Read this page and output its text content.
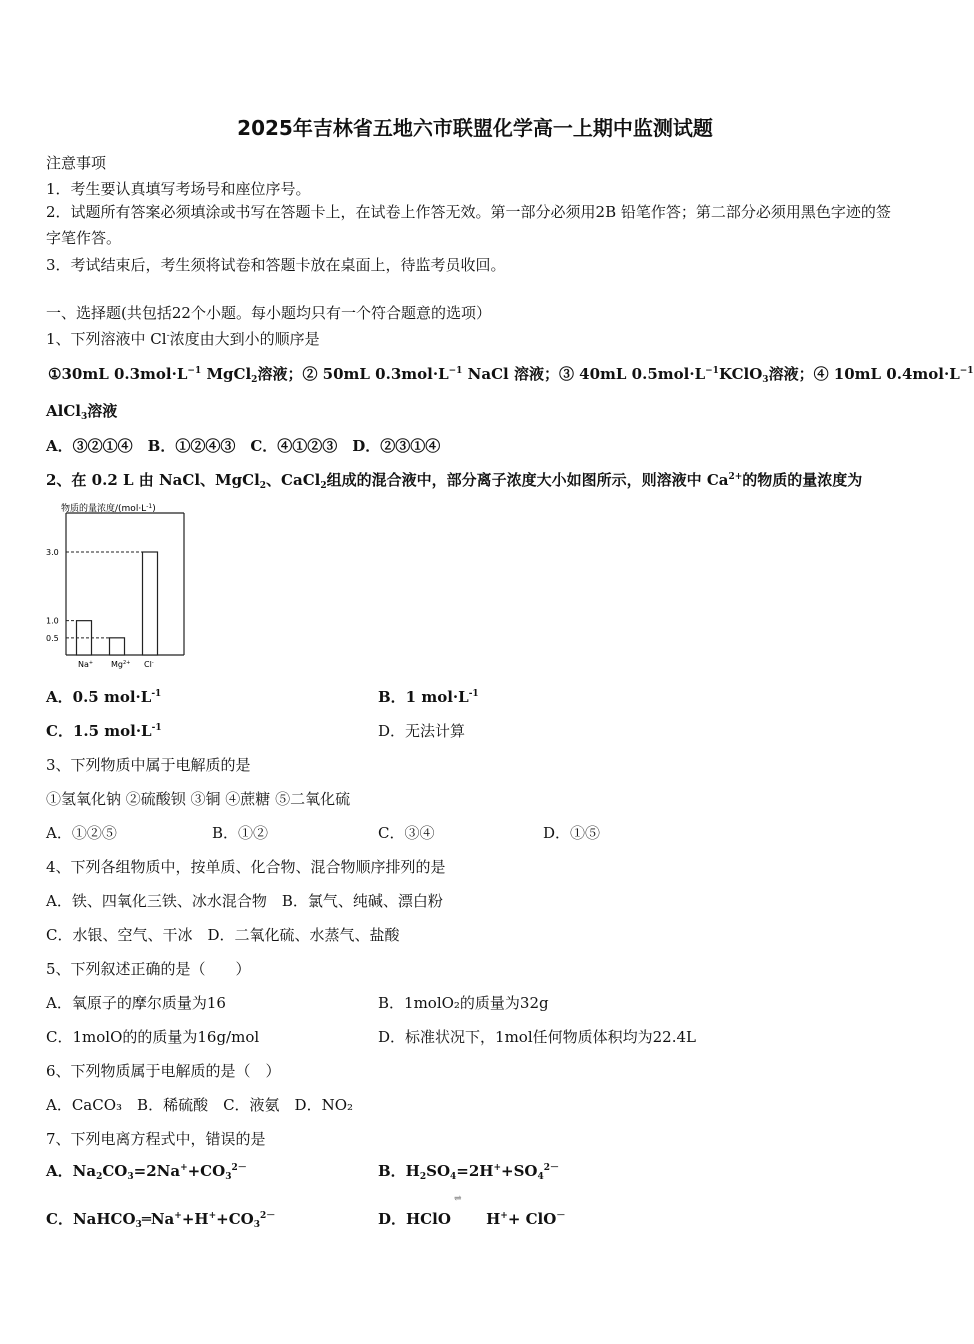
2025年吉林省五地六市联盟化学高一上期中监测试题
注意事项
1．考生要认真填写考场号和座位序号。
2．试题所有答案必须填涂或书写在答题卡上，在试卷上作答无效。第一部分必须用2B 铅笔作答；第二部分必须用黑色字迹的签字笔作答。
3．考试结束后，考生须将试卷和答题卡放在桌面上，待监考员收回。
一、选择题(共包括22个小题。每小题均只有一个符合题意的选项）
1、下列溶液中 Cl-浓度由大到小的顺序是
①30mL $0.3mol\cdot L^{-1}$ MgCl$_2$溶液；② 50mL $0.3mol\cdot L^{-1}$ NaCl 溶液；③ 40mL $0.5mol\cdot L^{-1}KClO_3$溶液；④ 10mL $0.4mol\cdot L^{-1}$
AlCl$_3$溶液
A．③②①④　B．①②④③　C．④①②③　D．②③①④
2、在 0.2 L 由 NaCl、MgCl$_2$、CaCl$_2$组成的混合液中，部分离子浓度大小如图所示，则溶液中 $Ca^{2+}$的物质的量浓度为
物质的量浓度$/(mol\cdot L^{-1})$
3.0
1.0
0.5
Na+ $Mg^{2+}$ Cl-
A．0.5 $mol\cdot L^{-1}$	B．1 $mol\cdot L^{-1}$
C．1.5 $mol\cdot L^{-1}$	D．无法计算
3、下列物质中属于电解质的是
①氢氧化钠 ②硫酸钡 ③铜 ④蔗糖 ⑤二氧化硫
A．①②⑤	B．①②	C．③④	D．①⑤
4、下列各组物质中，按单质、化合物、混合物顺序排列的是
A．铁、四氧化三铁、冰水混合物　B．氯气、纯碱、漂白粉
C．水银、空气、干冰　D．二氧化硫、水蒸气、盐酸
5、下列叙述正确的是（　　）
A．氧原子的摩尔质量为16	B．1molO₂的质量为32g
C．1molO的的质量为16g/mol	D．标准状况下，1mol任何物质体积均为22.4L
6、下列物质属于电解质的是（　）
A．CaCO₃　B．稀硫酸　C．液氨　D．NO₂
7、下列电离方程式中，错误的是
A．$Na_2CO_3=2Na^++CO_3^{2-}$	B．$H_2SO_4=2H^++SO_4^{2-}$
C．$NaHCO_3═Na^++H^++CO_3^{2-}$	D．HClO　　 H++ ClO－
⇌
